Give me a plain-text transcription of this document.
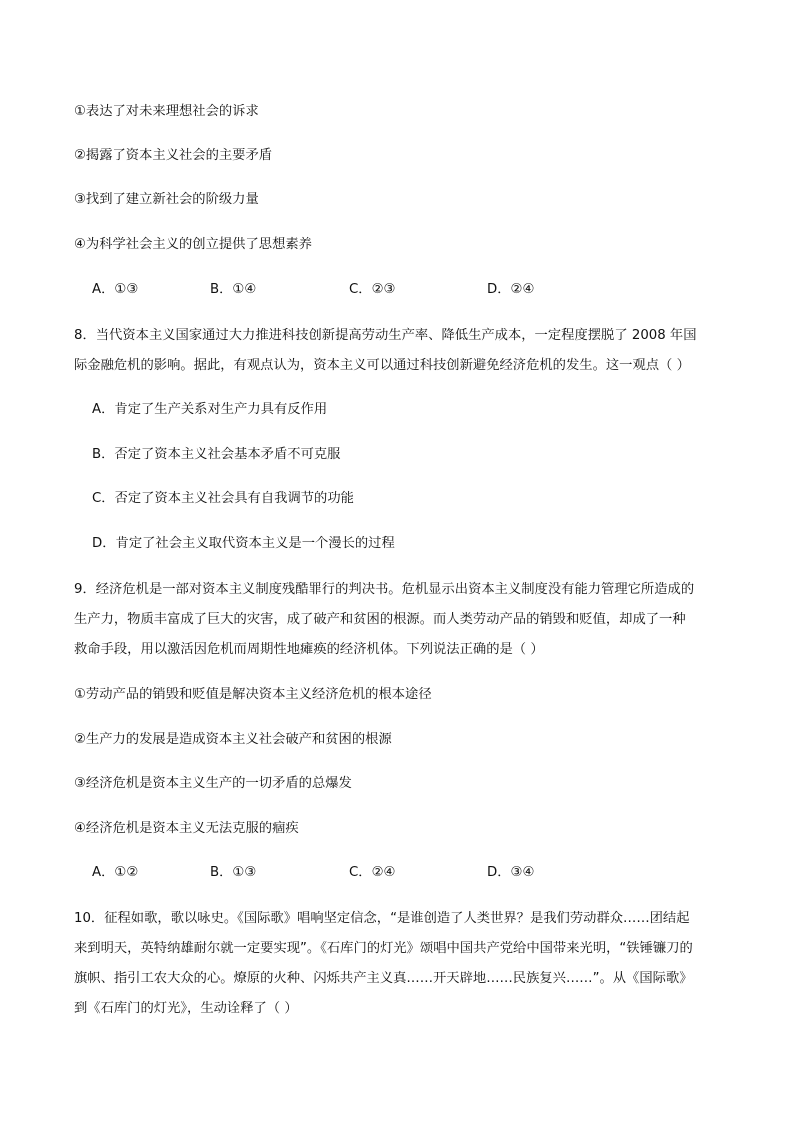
①表达了对未来理想社会的诉求
②揭露了资本主义社会的主要矛盾
③找到了建立新社会的阶级力量
④为科学社会主义的创立提供了思想素养
A．①③	B．①④	C．②③	D．②④
8．当代资本主义国家通过大力推进科技创新提高劳动生产率、降低生产成本，一定程度摆脱了 2008 年国
际金融危机的影响。据此，有观点认为，资本主义可以通过科技创新避免经济危机的发生。这一观点（ ）
A．肯定了生产关系对生产力具有反作用
B．否定了资本主义社会基本矛盾不可克服
C．否定了资本主义社会具有自我调节的功能
D．肯定了社会主义取代资本主义是一个漫长的过程
9．经济危机是一部对资本主义制度残酷罪行的判决书。危机显示出资本主义制度没有能力管理它所造成的
生产力，物质丰富成了巨大的灾害，成了破产和贫困的根源。而人类劳动产品的销毁和贬值，却成了一种
救命手段，用以激活因危机而周期性地瘫痪的经济机体。下列说法正确的是（ ）
①劳动产品的销毁和贬值是解决资本主义经济危机的根本途径
②生产力的发展是造成资本主义社会破产和贫困的根源
③经济危机是资本主义生产的一切矛盾的总爆发
④经济危机是资本主义无法克服的痼疾
A．①②	B．①③	C．②④	D．③④
10．征程如歌，歌以咏史。《国际歌》唱响坚定信念，“是谁创造了人类世界？是我们劳动群众……团结起
来到明天，英特纳雄耐尔就一定要实现”。《石库门的灯光》颂唱中国共产党给中国带来光明，“铁锤镰刀的
旗帜、指引工农大众的心。燎原的火种、闪烁共产主义真……开天辟地……民族复兴……”。从《国际歌》
到《石库门的灯光》，生动诠释了（ ）
